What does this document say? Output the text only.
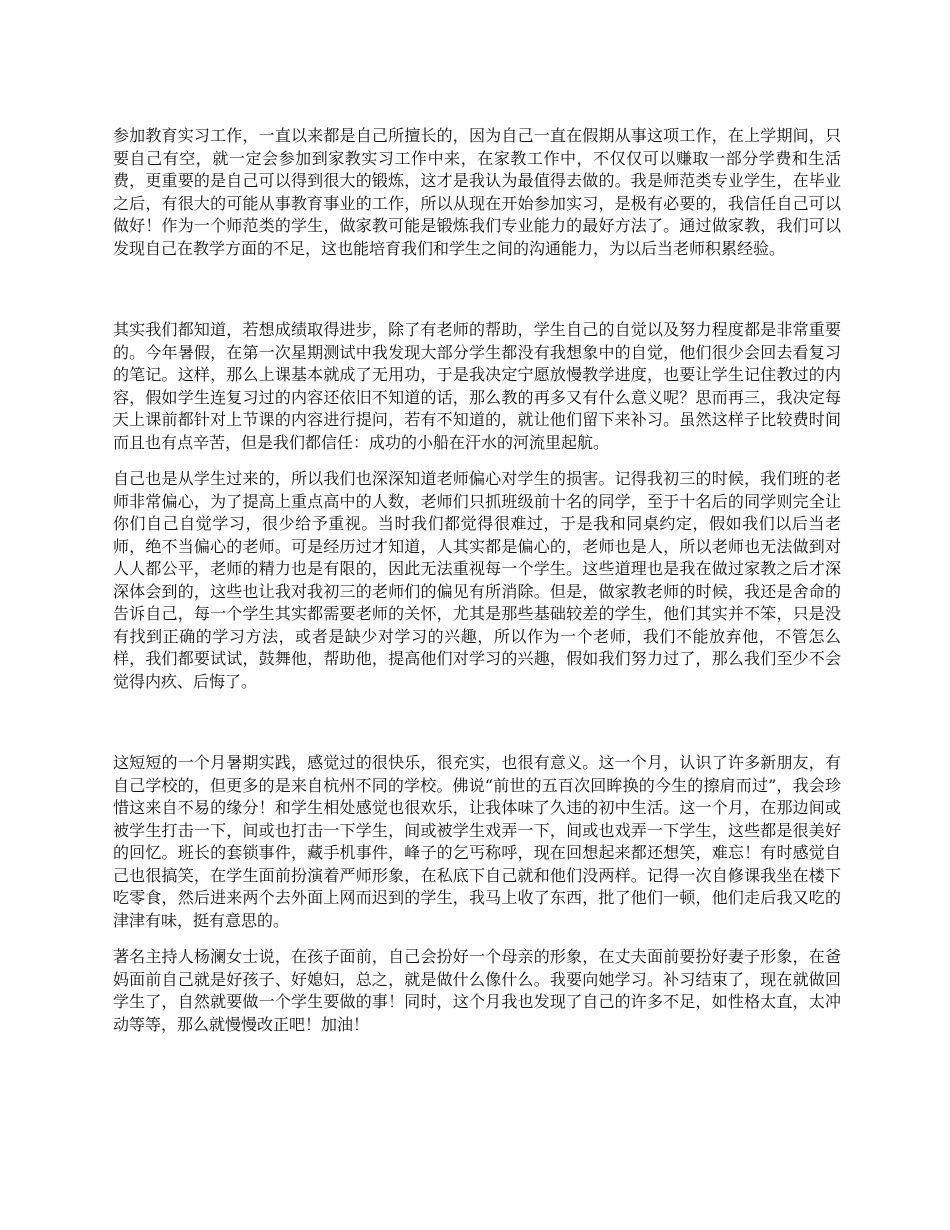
参加教育实习工作，一直以来都是自己所擅长的，因为自己一直在假期从事这项工作，在上学期间，只要自己有空，就一定会参加到家教实习工作中来，在家教工作中，不仅仅可以赚取一部分学费和生活费，更重要的是自己可以得到很大的锻炼，这才是我认为最值得去做的。我是师范类专业学生，在毕业之后，有很大的可能从事教育事业的工作，所以从现在开始参加实习，是极有必要的，我信任自己可以做好！作为一个师范类的学生，做家教可能是锻炼我们专业能力的最好方法了。通过做家教，我们可以发现自己在教学方面的不足，这也能培育我们和学生之间的沟通能力，为以后当老师积累经验。

其实我们都知道，若想成绩取得进步，除了有老师的帮助，学生自己的自觉以及努力程度都是非常重要的。今年暑假，在第一次星期测试中我发现大部分学生都没有我想象中的自觉，他们很少会回去看复习的笔记。这样，那么上课基本就成了无用功，于是我决定宁愿放慢教学进度，也要让学生记住教过的内容，假如学生连复习过的内容还依旧不知道的话，那么教的再多又有什么意义呢？思而再三，我决定每天上课前都针对上节课的内容进行提问，若有不知道的，就让他们留下来补习。虽然这样子比较费时间而且也有点辛苦，但是我们都信任：成功的小船在汗水的河流里起航。

自己也是从学生过来的，所以我们也深深知道老师偏心对学生的损害。记得我初三的时候，我们班的老师非常偏心，为了提高上重点高中的人数，老师们只抓班级前十名的同学，至于十名后的同学则完全让你们自己自觉学习，很少给予重视。当时我们都觉得很难过，于是我和同桌约定，假如我们以后当老师，绝不当偏心的老师。可是经历过才知道，人其实都是偏心的，老师也是人，所以老师也无法做到对人人都公平，老师的精力也是有限的，因此无法重视每一个学生。这些道理也是我在做过家教之后才深深体会到的，这些也让我对我初三的老师们的偏见有所消除。但是，做家教老师的时候，我还是舍命的告诉自己，每一个学生其实都需要老师的关怀，尤其是那些基础较差的学生，他们其实并不笨，只是没有找到正确的学习方法，或者是缺少对学习的兴趣，所以作为一个老师，我们不能放弃他，不管怎么样，我们都要试试，鼓舞他，帮助他，提高他们对学习的兴趣，假如我们努力过了，那么我们至少不会觉得内疚、后悔了。

这短短的一个月暑期实践，感觉过的很快乐，很充实，也很有意义。这一个月，认识了许多新朋友，有自己学校的，但更多的是来自杭州不同的学校。佛说“前世的五百次回眸换的今生的擦肩而过”，我会珍惜这来自不易的缘分！和学生相处感觉也很欢乐，让我体味了久违的初中生活。这一个月，在那边间或被学生打击一下，间或也打击一下学生，间或被学生戏弄一下，间或也戏弄一下学生，这些都是很美好的回忆。班长的套锁事件，藏手机事件，峰子的乞丐称呼，现在回想起来都还想笑，难忘！有时感觉自己也很搞笑，在学生面前扮演着严师形象，在私底下自己就和他们没两样。记得一次自修课我坐在楼下吃零食，然后进来两个去外面上网而迟到的学生，我马上收了东西，批了他们一顿，他们走后我又吃的津津有味，挺有意思的。

著名主持人杨澜女士说，在孩子面前，自己会扮好一个母亲的形象，在丈夫面前要扮好妻子形象，在爸妈面前自己就是好孩子、好媳妇，总之，就是做什么像什么。我要向她学习。补习结束了，现在就做回学生了，自然就要做一个学生要做的事！同时，这个月我也发现了自己的许多不足，如性格太直，太冲动等等，那么就慢慢改正吧！加油！
